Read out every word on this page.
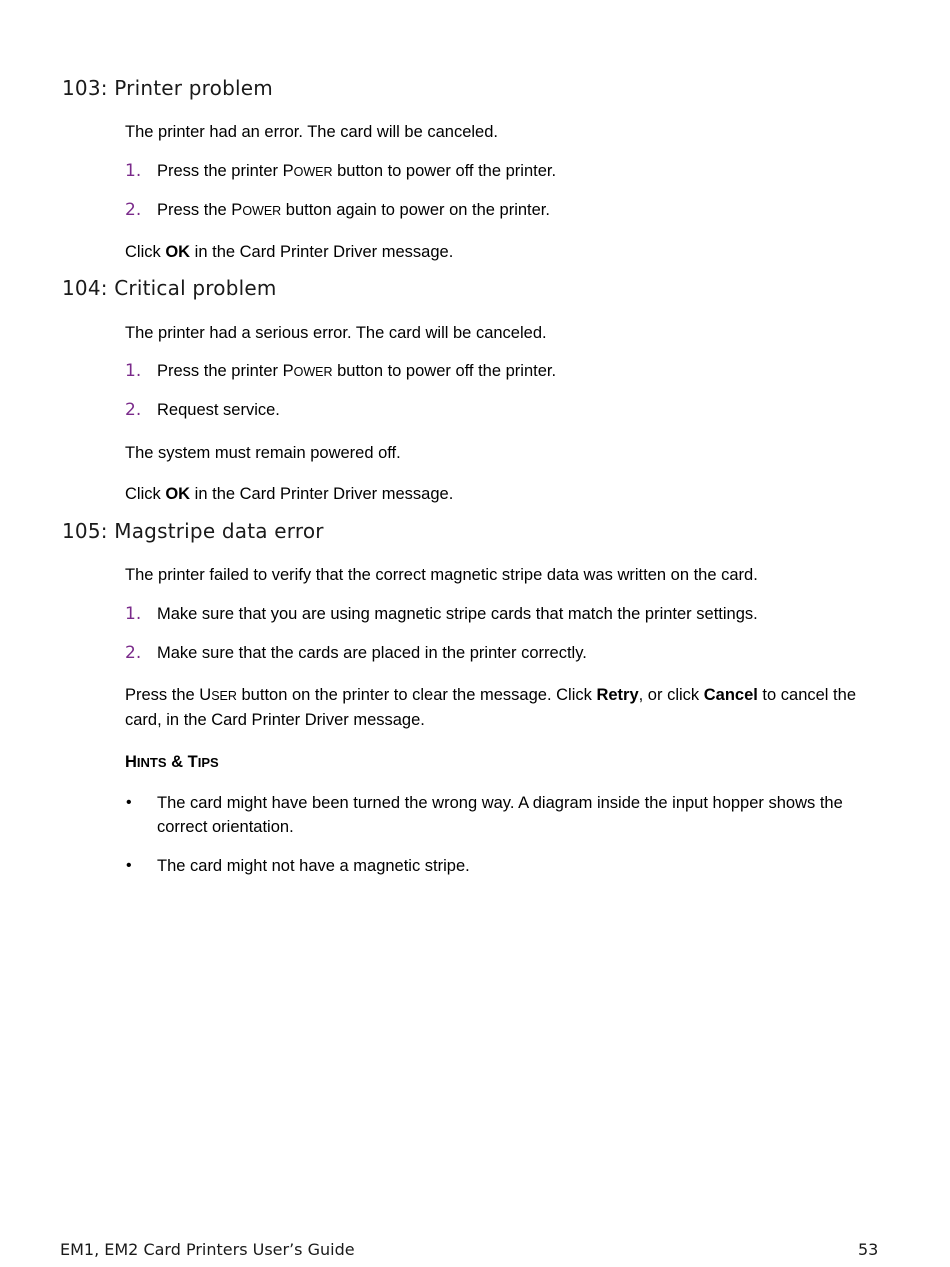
103: Printer problem

The printer had an error. The card will be canceled.

1. Press the printer POWER button to power off the printer.
2. Press the POWER button again to power on the printer.

Click OK in the Card Printer Driver message.

104: Critical problem

The printer had a serious error. The card will be canceled.

1. Press the printer POWER button to power off the printer.
2. Request service.

The system must remain powered off.

Click OK in the Card Printer Driver message.

105: Magstripe data error

The printer failed to verify that the correct magnetic stripe data was written on the card.

1. Make sure that you are using magnetic stripe cards that match the printer settings.
2. Make sure that the cards are placed in the printer correctly.

Press the USER button on the printer to clear the message. Click Retry, or click Cancel to cancel the card, in the Card Printer Driver message.

HINTS & TIPS
• The card might have been turned the wrong way. A diagram inside the input hopper shows the correct orientation.
• The card might not have a magnetic stripe.
EM1, EM2 Card Printers User’s Guide	53
